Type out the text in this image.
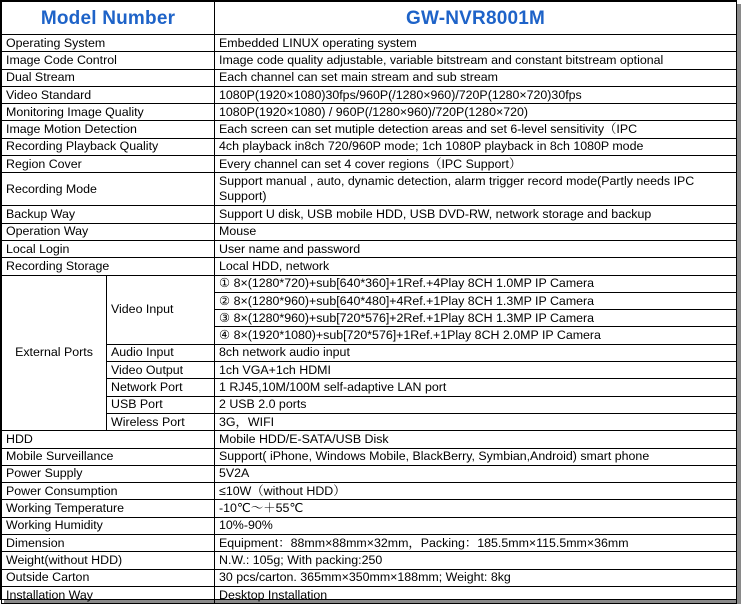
Model Number		GW-NVR8001M
Operating System		Embedded LINUX operating system
Image Code Control		Image code quality adjustable, variable bitstream and constant bitstream optional
Dual Stream		Each channel can set main stream and sub stream
Video Standard		1080P(1920×1080)30fps/960P(/1280×960)/720P(1280×720)30fps
Monitoring Image Quality		1080P(1920×1080) / 960P(/1280×960)/720P(1280×720)
Image Motion Detection		Each screen can set mutiple detection areas and set 6-level sensitivity（IPC
Recording Playback Quality		4ch playback in8ch 720/960P mode; 1ch 1080P playback in 8ch 1080P mode
Region Cover		Every channel can set 4 cover regions（IPC Support）
Recording Mode		Support manual , auto, dynamic detection, alarm trigger record mode(Partly needs IPC Support)
Backup Way		Support U disk, USB mobile HDD, USB DVD-RW, network storage and backup
Operation Way		Mouse
Local Login		User name and password
Recording Storage		Local HDD, network
External Ports	Video Input	① 8×(1280*720)+sub[640*360]+1Ref.+4Play 8CH 1.0MP IP Camera
		② 8×(1280*960)+sub[640*480]+4Ref.+1Play 8CH 1.3MP IP Camera
		③ 8×(1280*960)+sub[720*576]+2Ref.+1Play 8CH 1.3MP IP Camera
		④ 8×(1920*1080)+sub[720*576]+1Ref.+1Play 8CH 2.0MP IP Camera
	Audio Input	8ch network audio input
	Video Output	1ch VGA+1ch HDMI
	Network Port	1 RJ45,10M/100M self-adaptive LAN port
	USB Port	2 USB 2.0 ports
	Wireless Port	3G，WIFI
HDD		Mobile HDD/E-SATA/USB Disk
Mobile Surveillance		Support( iPhone, Windows Mobile, BlackBerry, Symbian,Android) smart phone
Power Supply		5V2A
Power Consumption		≤10W（without HDD）
Working Temperature		-10℃～＋55℃
Working Humidity		10%-90%
Dimension		Equipment：88mm×88mm×32mm，Packing：185.5mm×115.5mm×36mm
Weight(without HDD)		N.W.: 105g; With packing:250
Outside Carton		30 pcs/carton. 365mm×350mm×188mm; Weight: 8kg
Installation Way		Desktop Installation
